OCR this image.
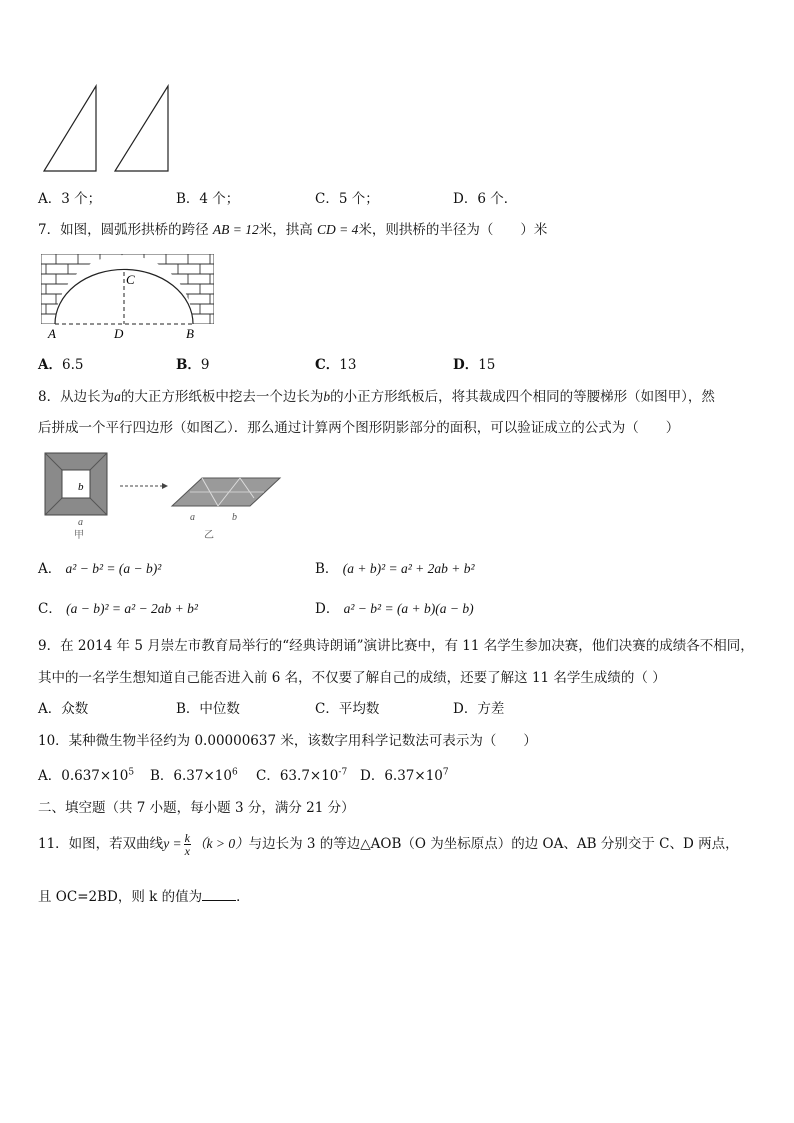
A．3 个；	B．4 个；	C．5 个；	D．6 个．
7．如图，圆弧形拱桥的跨径 AB = 12米，拱高 CD = 4米，则拱桥的半径为（　　）米
C
A	D	B
A．6.5	B．9	C．13	D．15
8．从边长为a的大正方形纸板中挖去一个边长为b的小正方形纸板后，将其裁成四个相同的等腰梯形（如图甲），然
后拼成一个平行四边形（如图乙）．那么通过计算两个图形阴影部分的面积，可以验证成立的公式为（　　）
b
a
甲
a	b
乙
A． a² − b² = (a − b)²	B． (a + b)² = a² + 2ab + b²
C． (a − b)² = a² − 2ab + b²	D． a² − b² = (a + b)(a − b)
9．在 2014 年 5 月崇左市教育局举行的“经典诗朗诵”演讲比赛中，有 11 名学生参加决赛，他们决赛的成绩各不相同，
其中的一名学生想知道自己能否进入前 6 名，不仅要了解自己的成绩，还要了解这 11 名学生成绩的（ ）
A．众数	B．中位数	C．平均数	D．方差
10．某种微生物半径约为 0.00000637 米，该数字用科学记数法可表示为（　　）
A．$0.637\times 10^5$ B．$6.37\times 10^6$ C．$63.7\times 10^{-7}$ D．$6.37\times 10^7$
二、填空题（共 7 小题，每小题 3 分，满分 21 分）
11．如图，若双曲线$y = \frac{k}{x} (k > 0)$与边长为 3 的等边△AOB（O 为坐标原点）的边 OA、AB 分别交于 C、D 两点，
且 OC=2BD，则 k 的值为	．
